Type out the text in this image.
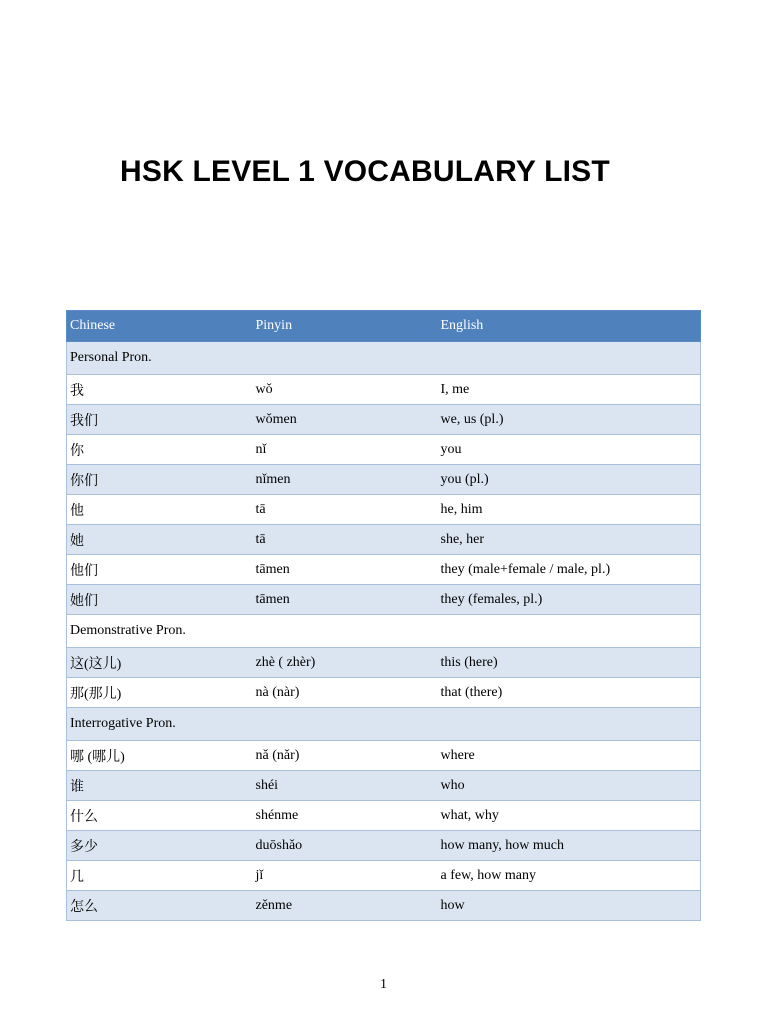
HSK LEVEL 1 VOCABULARY LIST
Chinese	Pinyin	English
Personal Pron.		
我	wǒ	I, me
我们	wǒmen	we, us (pl.)
你	nǐ	you
你们	nǐmen	you (pl.)
他	tā	he, him
她	tā	she, her
他们	tāmen	they (male+female / male, pl.)
她们	tāmen	they (females, pl.)
Demonstrative Pron.		
这(这儿)	zhè ( zhèr)	this (here)
那(那儿)	nà (nàr)	that (there)
Interrogative Pron.		
哪 (哪儿)	nǎ (nǎr)	where
谁	shéi	who
什么	shénme	what, why
多少	duōshǎo	how many, how much
几	jǐ	a few, how many
怎么	zěnme	how
1
